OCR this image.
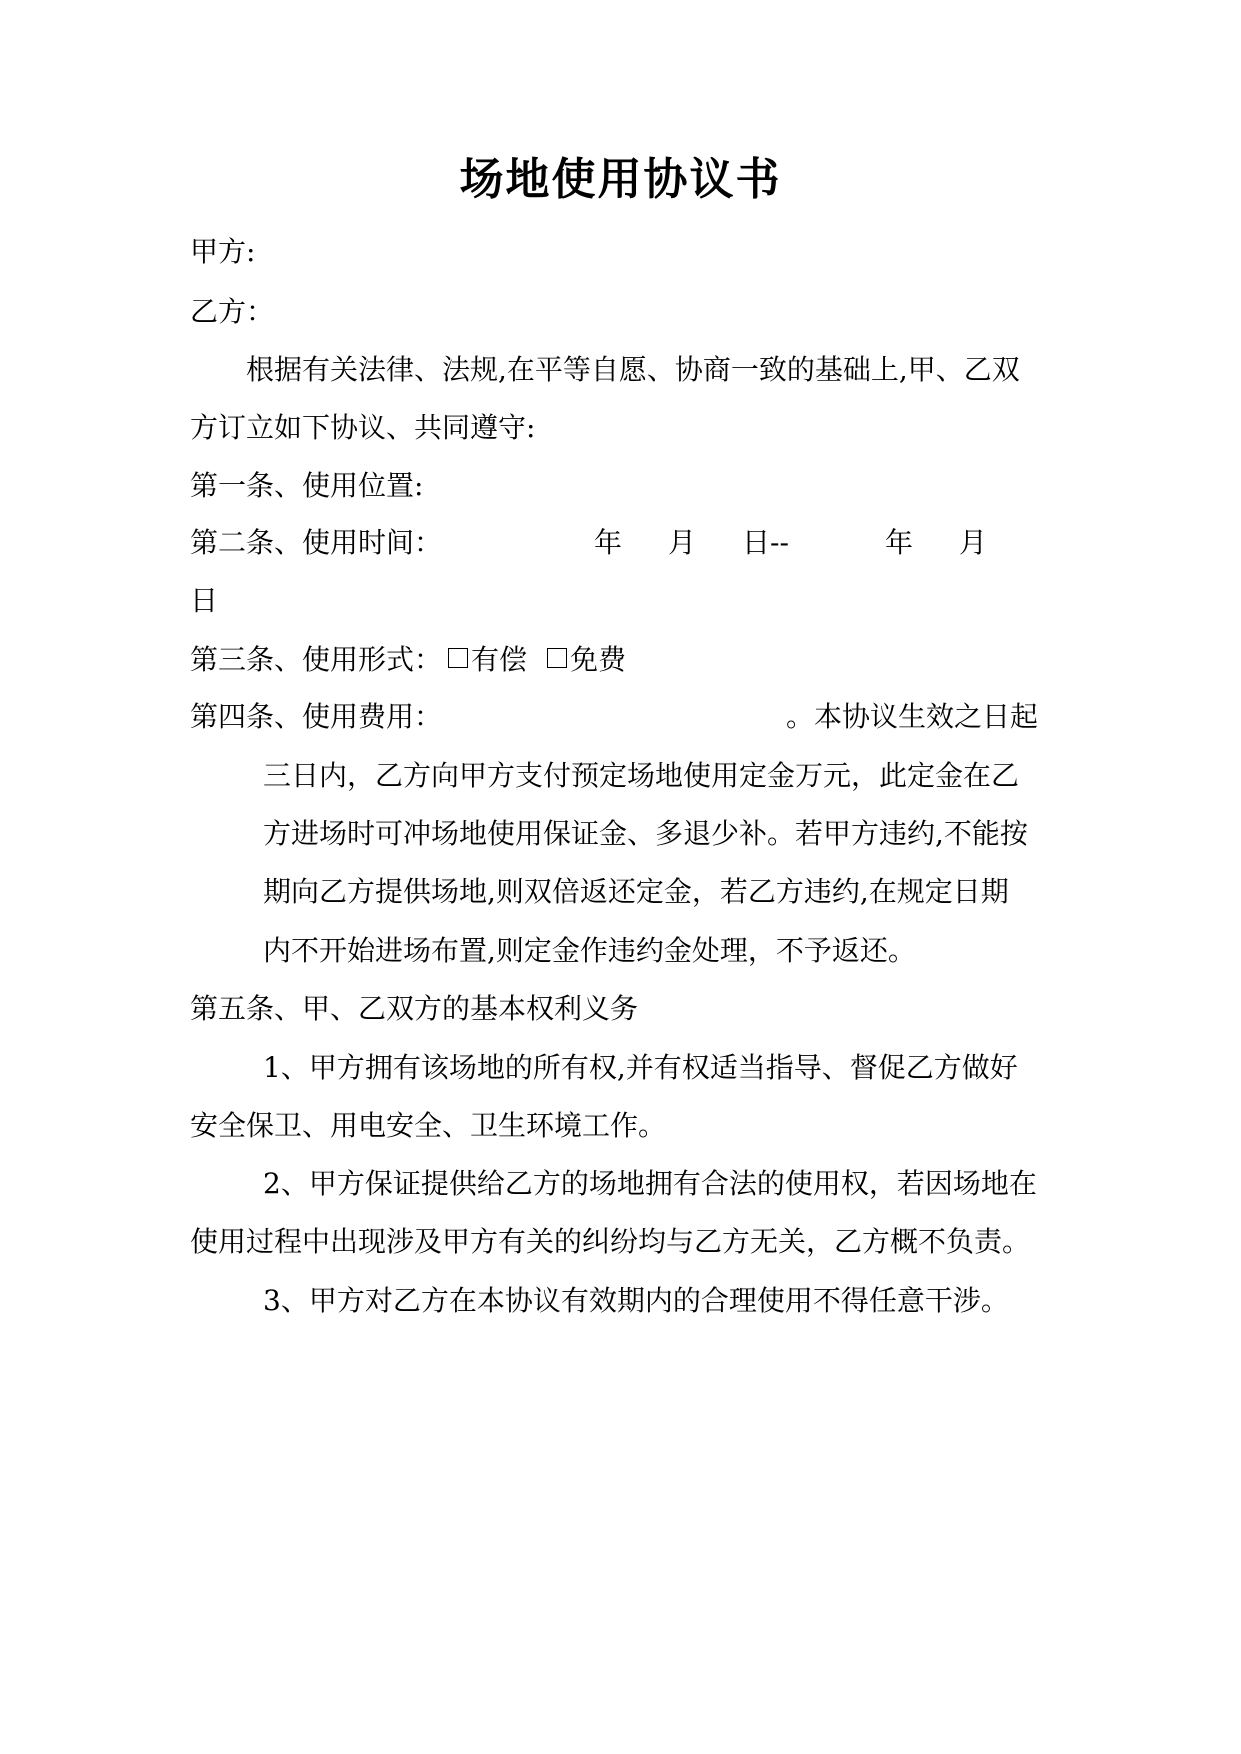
场地使用协议书
甲方:
乙方：
根据有关法律、法规,在平等自愿、协商一致的基础上,甲、乙双
方订立如下协议、共同遵守:
第一条、使用位置:
第二条、使用时间：	年 月 日--	年 月
日
第三条、使用形式： 有偿 免费
第四条、使用费用：	。本协议生效之日起
三日内，乙方向甲方支付预定场地使用定金万元，此定金在乙
方进场时可冲场地使用保证金、多退少补。若甲方违约,不能按
期向乙方提供场地,则双倍返还定金，若乙方违约,在规定日期
内不开始进场布置,则定金作违约金处理，不予返还。
第五条、甲、乙双方的基本权利义务
1、甲方拥有该场地的所有权,并有权适当指导、督促乙方做好
安全保卫、用电安全、卫生环境工作。
2、甲方保证提供给乙方的场地拥有合法的使用权，若因场地在
使用过程中出现涉及甲方有关的纠纷均与乙方无关，乙方概不负责。
3、甲方对乙方在本协议有效期内的合理使用不得任意干涉。
